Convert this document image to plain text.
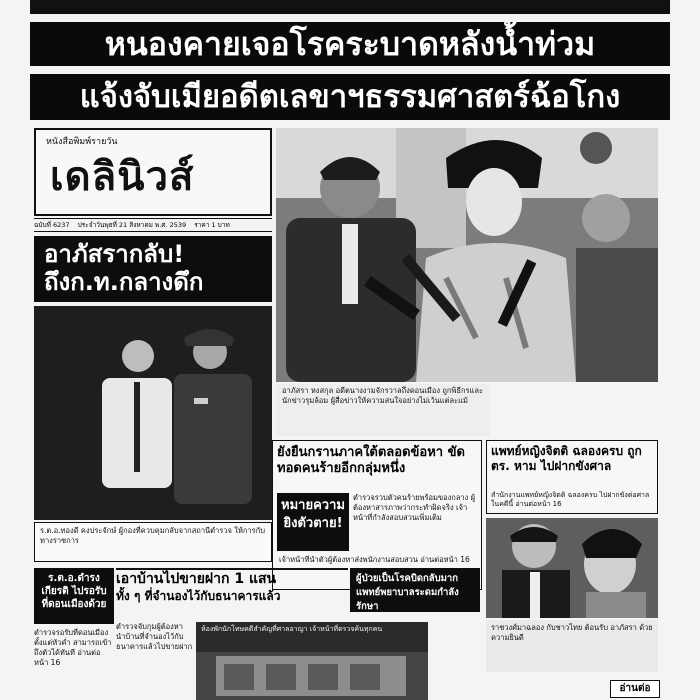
หนองคายเจอโรคระบาดหลังน้ำท่วม
แจ้งจับเมียอดีตเลขาฯธรรมศาสตร์ฉ้อโกง
หนังสือพิมพ์รายวัน
เดลินิวส์
ฉบับที่ 6237 ประจำวันพุธที่ 21 สิงหาคม พ.ศ. 2539 ราคา 1 บาท
อาภัสรากลับ!
ถึงก.ท.กลางดึก
ร.ต.อ.ทองดี คงประจักษ์ ผู้กองที่ควบคุมกลับจากสถานีตำรวจ ให้การกับทางราชการ
อาภัสรา หงสกุล อดีตนางงามจักรวาลถึงดอนเมือง ถูกพิธีกรและนักข่าวรุมล้อม ผู้สื่อข่าวให้ความสนใจอย่างไม่เว้นแต่ละแม้
ยังยืนกรานภาคใต้ตลอดข้อหา ขัดทอดคนร้ายอีกกลุ่มหนึ่ง
หมายความ ยิงตัวตาย!
ตำรวจรวบตัวคนร้ายพร้อมของกลาง ผู้ต้องหาสารภาพว่ากระทำผิดจริง เจ้าหน้าที่กำลังสอบสวนเพิ่มเติม
เจ้าหน้าที่นำตัวผู้ต้องหาส่งพนักงานสอบสวน อ่านต่อหน้า 16
ผู้ป่วยเป็นโรคบิดกลับมาก แพทย์พยาบาลระดมกำลังรักษา
แพทย์หญิงจิตติ ฉลองครบ ถูกตร. หาม ไปฝากขังศาล
สำนักงานแพทย์หญิงจิตติ ฉลองครบ ไปฝากขังต่อศาลในคดีนี้ อ่านต่อหน้า 16
ราชวงศ์มาฉลอง กับชาวไทย ต้อนรับ อาภัสรา ด้วยความยินดี
ร.ต.อ.ดำรงเกียรติ ไปรอรับ ที่ดอนเมืองด้วย
ตำรวจรอรับที่ดอนเมืองตั้งแต่หัวค่ำ สามารถเข้าถึงตัวได้ทันที อ่านต่อหน้า 16
เอาบ้านไปขายฝาก 1 แสน
ทั้ง ๆ ที่จำนองไว้กับธนาคารแล้ว
ตำรวจจับกุมผู้ต้องหา นำบ้านที่จำนองไว้กับธนาคารแล้วไปขายฝาก
ห้องพักนักโทษคดีสำคัญที่ศาลอาญา เจ้าหน้าที่ตรวจค้นทุกคน
อ่านต่อ
